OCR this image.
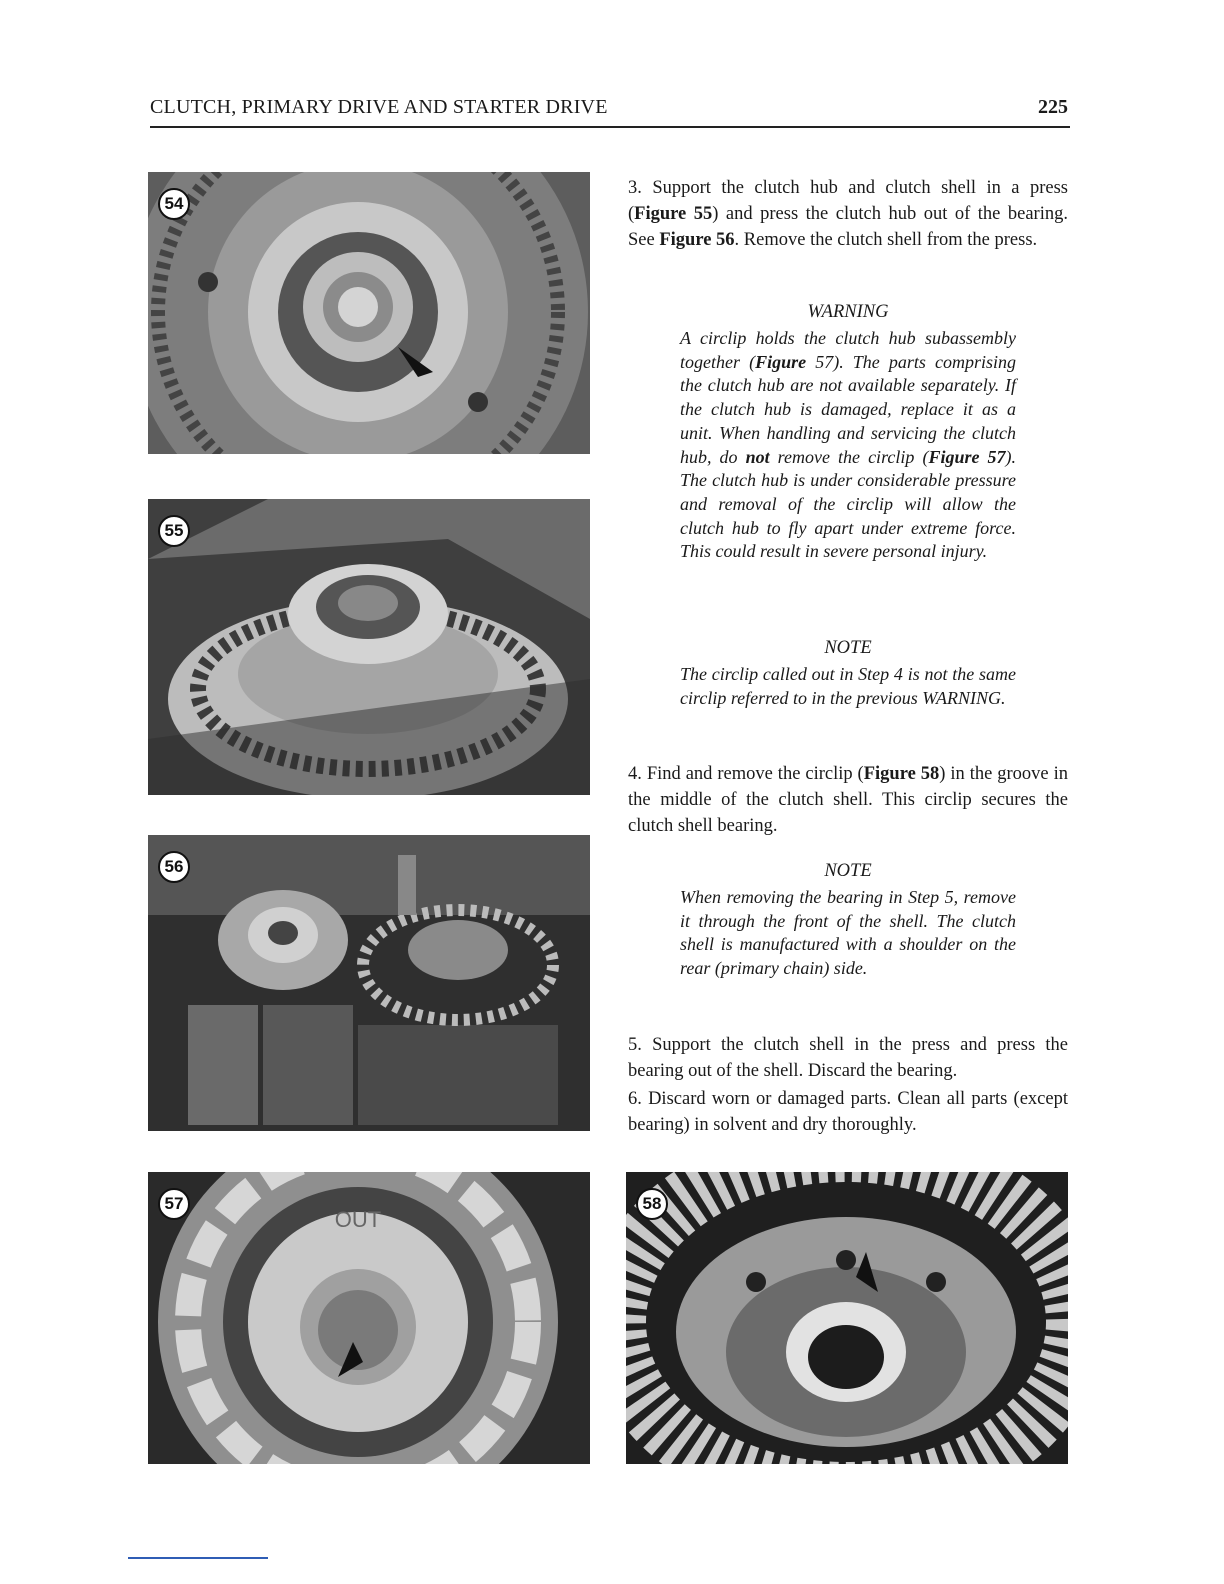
CLUTCH, PRIMARY DRIVE AND STARTER DRIVE	225
54
55
56
OUT
57	58
3. Support the clutch hub and clutch shell in a press (Figure 55) and press the clutch hub out of the bearing. See Figure 56. Remove the clutch shell from the press.
WARNING
A circlip holds the clutch hub subassembly together (Figure 57). The parts comprising the clutch hub are not available separately. If the clutch hub is damaged, replace it as a unit. When handling and servicing the clutch hub, do not remove the circlip (Figure 57). The clutch hub is under considerable pressure and removal of the circlip will allow the clutch hub to fly apart under extreme force. This could result in severe personal injury.
NOTE
The circlip called out in Step 4 is not the same circlip referred to in the previous WARNING.
4. Find and remove the circlip (Figure 58) in the groove in the middle of the clutch shell. This circlip secures the clutch shell bearing.
NOTE
When removing the bearing in Step 5, remove it through the front of the shell. The clutch shell is manufactured with a shoulder on the rear (primary chain) side.
5. Support the clutch shell in the press and press the bearing out of the shell. Discard the bearing.
6. Discard worn or damaged parts. Clean all parts (except bearing) in solvent and dry thoroughly.
